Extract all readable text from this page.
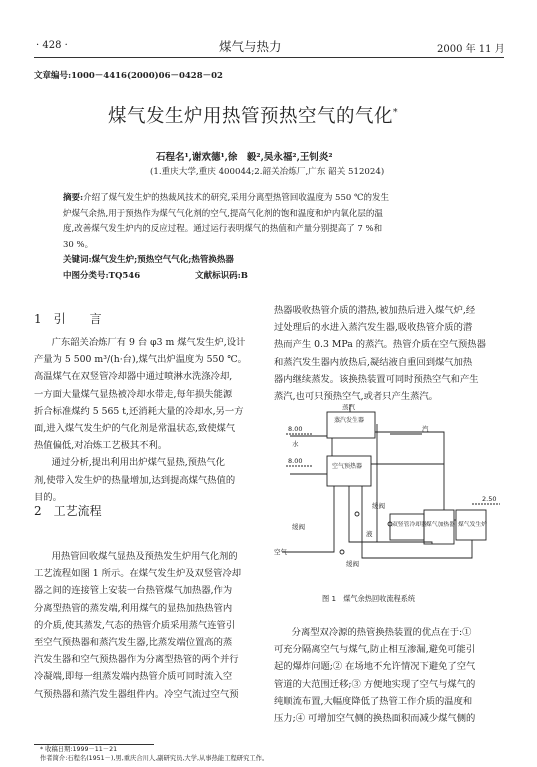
· 428 ·	煤气与热力	2000 年 11 月
文章编号:1000－4416(2000)06－0428－02
煤气发生炉用热管预热空气的气化*
石程名¹,谢欢德¹,徐　毅²,吴永福²,王钊炎²
(1.重庆大学,重庆 400044;2.韶关冶炼厂,广东 韶关 512024)
摘要:介绍了煤气发生炉的热裁风技术的研究,采用分离型热管回收温度为 550 ℃的发生
炉煤气余热,用于预热作为煤气气化剂的空气,提高气化剂的饱和温度和炉内氧化层的温
度,改善煤气发生炉内的反应过程。通过运行表明煤气的热值和产量分别提高了 7 %和
30 %。
关键词:煤气发生炉;预热空气气化;热管换热器
中图分类号:TQ546	文献标识码:B
1　引　　言
广东韶关冶炼厂有 9 台 φ3 m 煤气发生炉,设计
产量为 5 500 m³/(h·台),煤气出炉温度为 550 ℃。
高温煤气在双竖管冷却器中通过喷淋水洗涤冷却,
一方面大量煤气显热被冷却水带走,每年损失能源
折合标准煤约 5 565 t,还消耗大量的冷却水,另一方
面,进入煤气发生炉的气化剂是常温状态,致使煤气
热值偏低,对冶炼工艺极其不利。
通过分析,提出利用出炉煤气显热,预热气化
剂,使带入发生炉的热量增加,达到提高煤气热值的
目的。
2　工艺流程
用热管回收煤气显热及预热发生炉用气化剂的
工艺流程如图 1 所示。在煤气发生炉及双竖管冷却
器之间的连接管上安装一台热管煤气加热器,作为
分离型热管的蒸发端,利用煤气的显热加热热管内
的介质,使其蒸发,气态的热管介质采用蒸气连管引
至空气预热器和蒸汽发生器,比蒸发端位置高的蒸
汽发生器和空气预热器作为分离型热管的两个并行
冷凝端,即每一组蒸发端内热管介质可同时流入空
气预热器和蒸汽发生器组件内。冷空气流过空气预
热器吸收热管介质的潜热,被加热后进入煤气炉,经
过处理后的水进入蒸汽发生器,吸收热管介质的潜
热而产生 0.3 MPa 的蒸汽。热管介质在空气预热器
和蒸汽发生器内放热后,凝结液自重回到煤气加热
器内继续蒸发。该换热装置可同时预热空气和产生
蒸汽,也可只预热空气,或者只产生蒸汽。
蒸汽
蒸汽发生器
空气预热器
8.00
8.00
2.50
水
汽
双竖管冷却器 煤气加热器 煤气发生炉
缓阀
缓阀
缓阀
液
空气
图 1　煤气余热回收流程系统
分离型双冷源的热管换热装置的优点在于:①
可充分隔离空气与煤气,防止相互渗漏,避免可能引
起的爆炸问题;② 在场地不允许情况下避免了空气
管道的大范围迁移;③ 方便地实现了空气与煤气的
纯顺流布置,大幅度降低了热管工作介质的温度和
压力;④ 可增加空气侧的换热面积而减少煤气侧的
* 收稿日期:1999－11－21
作者简介:石程名(1951－),男,重庆合川人,副研究员,大学,从事热能工程研究工作。
